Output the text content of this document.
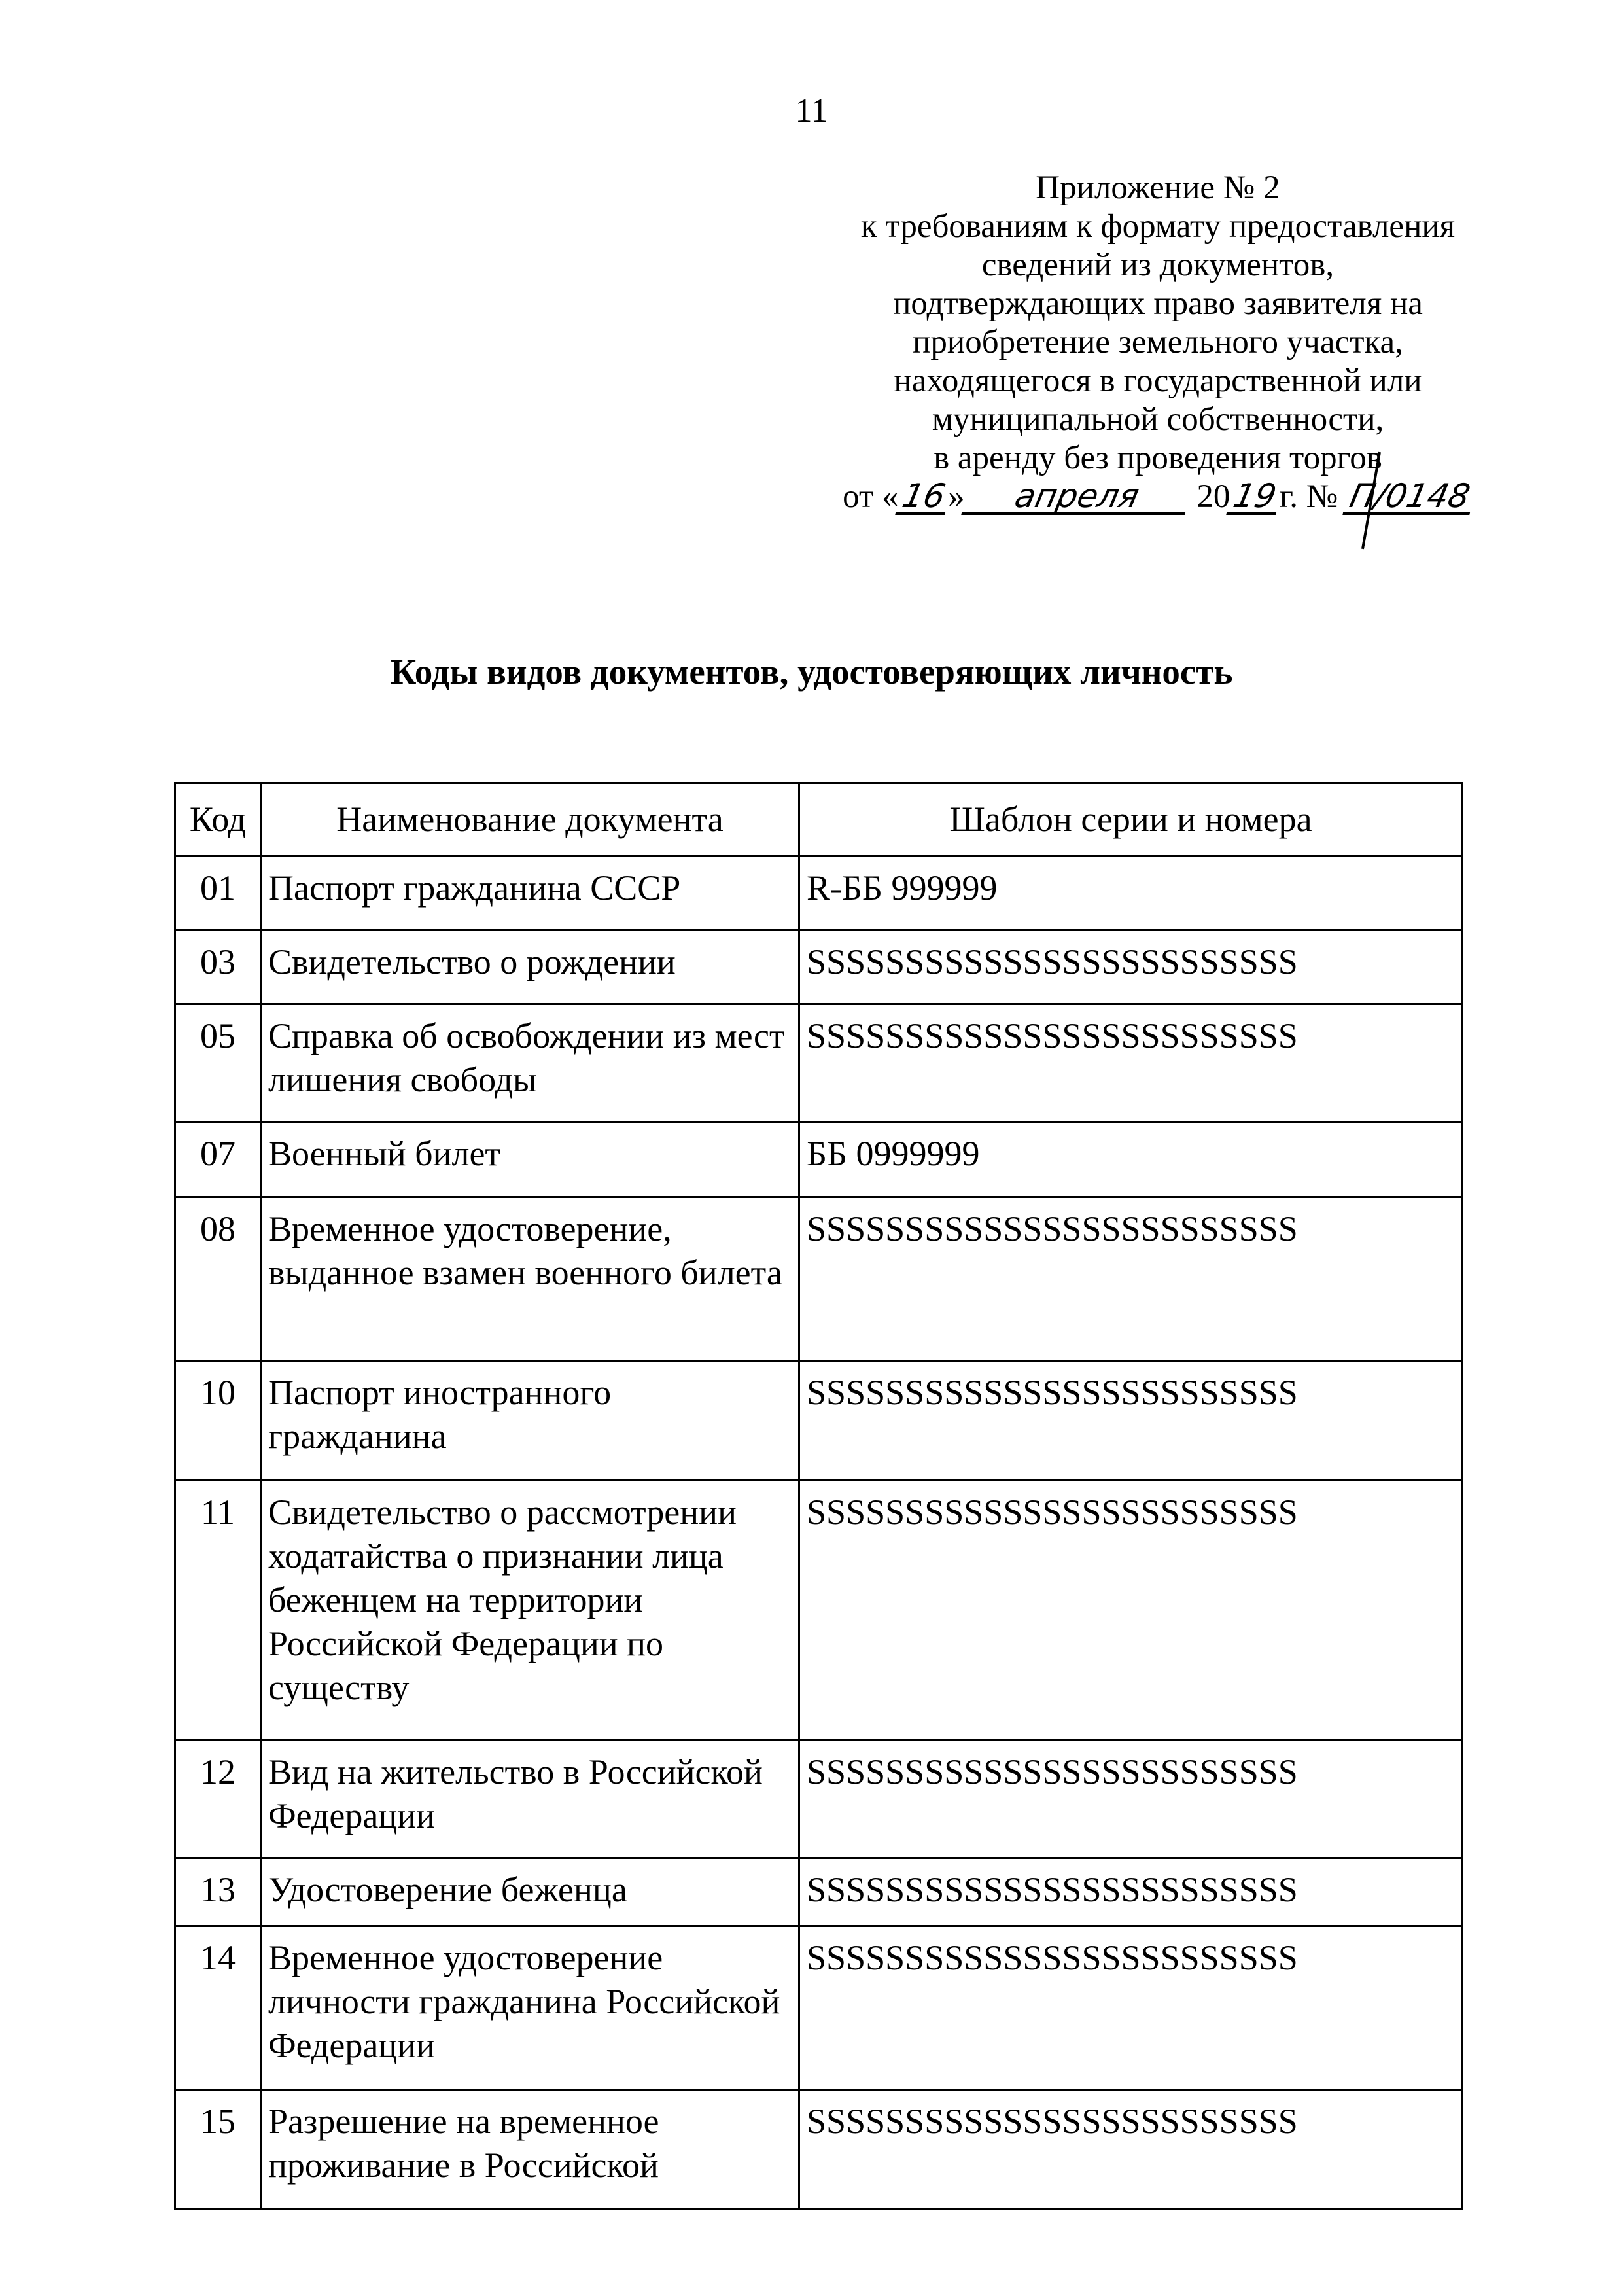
11
Приложение № 2
к требованиям к формату предоставления
сведений из документов,
подтверждающих право заявителя на
приобретение земельного участка,
находящегося в государственной или
муниципальной собственности,
в аренду без проведения торгов
от «16» апреля 2019г. № П/0148
Коды видов документов, удостоверяющих личность
Код	Наименование документа	Шаблон серии и номера
01	Паспорт гражданина СССР	R-ББ 999999
03	Свидетельство о рождении	SSSSSSSSSSSSSSSSSSSSSSSSS
05	Справка об освобождении из мест лишения свободы	SSSSSSSSSSSSSSSSSSSSSSSSS
07	Военный билет	ББ 0999999
08	Временное удостоверение, выданное взамен военного билета	SSSSSSSSSSSSSSSSSSSSSSSSS
10	Паспорт иностранного гражданина	SSSSSSSSSSSSSSSSSSSSSSSSS
11	Свидетельство о рассмотрении ходатайства о признании лица беженцем на территории Российской Федерации по существу	SSSSSSSSSSSSSSSSSSSSSSSSS
12	Вид на жительство в Российской Федерации	SSSSSSSSSSSSSSSSSSSSSSSSS
13	Удостоверение беженца	SSSSSSSSSSSSSSSSSSSSSSSSS
14	Временное удостоверение личности гражданина Российской Федерации	SSSSSSSSSSSSSSSSSSSSSSSSS
15	Разрешение на временное проживание в Российской	SSSSSSSSSSSSSSSSSSSSSSSSS
